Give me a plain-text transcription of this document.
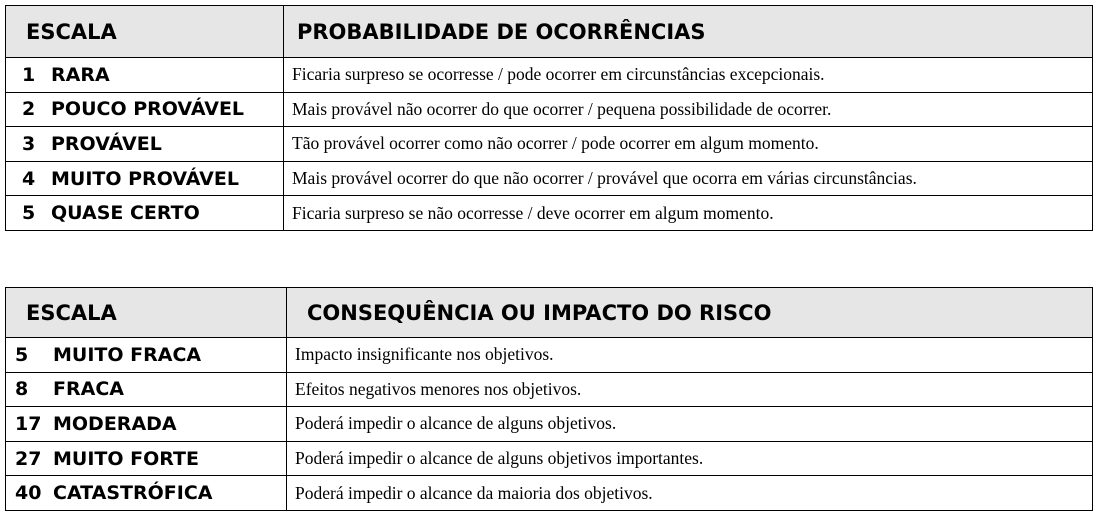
ESCALA	PROBABILIDADE DE OCORRÊNCIAS
1 RARA	Ficaria surpreso se ocorresse / pode ocorrer em circunstâncias excepcionais.
2 POUCO PROVÁVEL	Mais provável não ocorrer do que ocorrer / pequena possibilidade de ocorrer.
3 PROVÁVEL	Tão provável ocorrer como não ocorrer / pode ocorrer em algum momento.
4 MUITO PROVÁVEL	Mais provável ocorrer do que não ocorrer / provável que ocorra em várias circunstâncias.
5 QUASE CERTO	Ficaria surpreso se não ocorresse / deve ocorrer em algum momento.
ESCALA	CONSEQUÊNCIA OU IMPACTO DO RISCO
5 MUITO FRACA	Impacto insignificante nos objetivos.
8 FRACA	Efeitos negativos menores nos objetivos.
17 MODERADA	Poderá impedir o alcance de alguns objetivos.
27 MUITO FORTE	Poderá impedir o alcance de alguns objetivos importantes.
40 CATASTRÓFICA	Poderá impedir o alcance da maioria dos objetivos.
